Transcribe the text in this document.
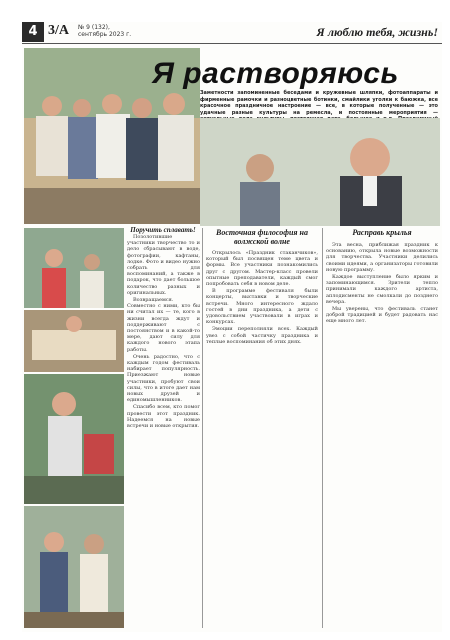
4 3/A № 9 (132),
сентябрь 2023 г.	Я люблю тебя, жизнь!
Я растворяюсь
Заметности запоминенные беседами и кружевные шляпки, фотоаппараты и фирменные рамочки и разноцветные ботинки, смайлики уголки к баюжка, все красочное праздничное настроение — все, в которые полученные — это удачные разные культуры на ремесла, и постоянные мероприятия —
Поручить сплавать!

Позолотившие участники творчество то и дело сбрасывают в воде, фотографии, кафтаны, лодке. Фото и видео нужно собрать для воспоминаний, а также в подарок, что дает большое количество разных и оригинальных.

Возвращаемся. Совместно с ними, кто бы ни считал их — те, кого в жизни всегда ждут и поддерживают с постоянством и в какой-то мере, дают силу для каждого нового этапа работы.

Очень радостно, что с каждым годом фестиваль набирает популярность. Приезжают новые участники, пробуют свои силы, что в итоге дает нам новых друзей и единомышленников.

Спасибо всем, кто помог провести этот праздник. Надеемся на новые встречи и новые открытия.

Восточная философия на волжской волне

Открылось «Праздник стаканчиков», который был посвящен теме цвета и формы. Все участники познакомились друг с другом. Мастер-класс провели опытные преподаватели, каждый смог попробовать себя в новом деле.

В программе фестиваля были концерты, выставки и творческие встречи. Много интересного ждало гостей в дни праздника, а дети с удовольствием участвовали в играх и конкурсах.

Эмоции переполняли всех. Каждый увез с собой частичку праздника и теплые воспоминания об этих днях.

Расправь крылья

Эта весна, приближая праздник к основанию, открыла новые возможности для творчества. Участники делились своими идеями, а организаторы готовили новую программу.

Каждое выступление было ярким и запоминающимся. Зрители тепло принимали каждого артиста, аплодисменты не смолкали до позднего вечера.

Мы уверены, что фестиваль станет доброй традицией и будет радовать нас еще много лет.
